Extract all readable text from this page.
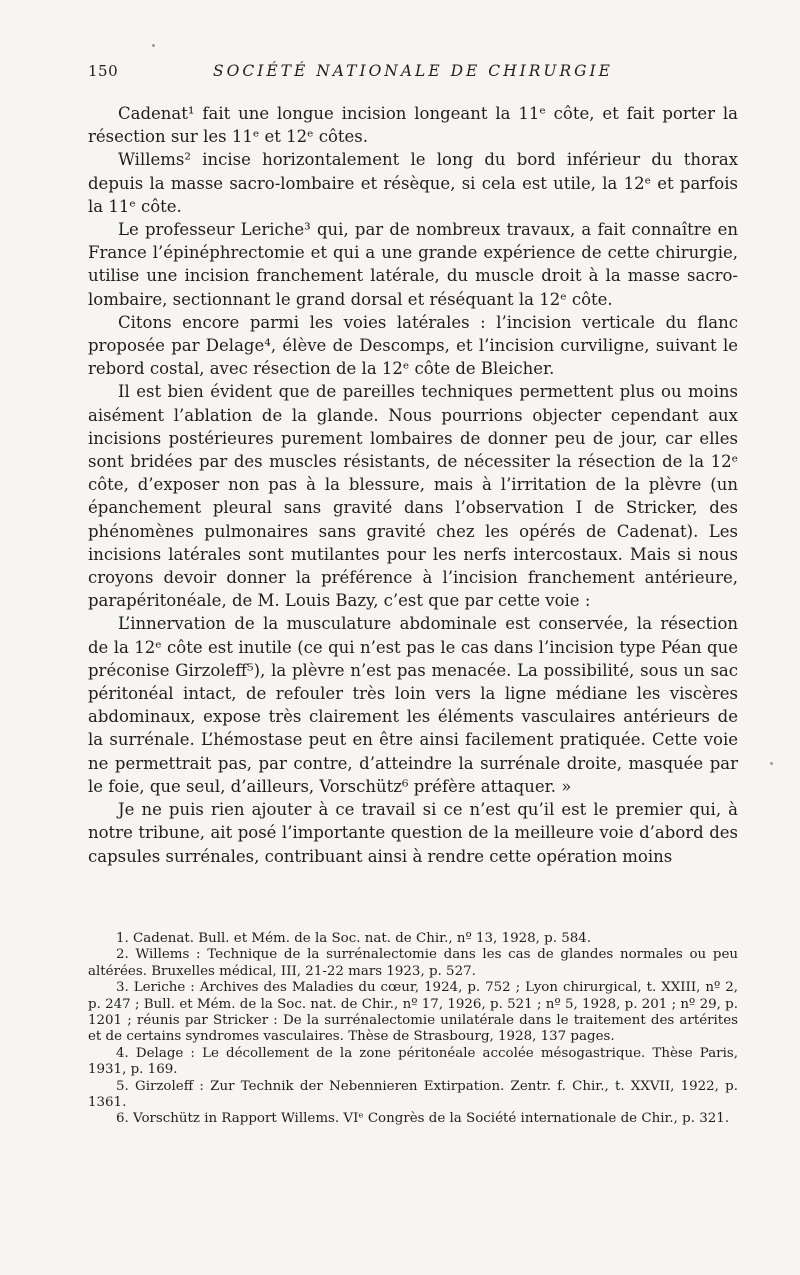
150	SOCIÉTÉ NATIONALE DE CHIRURGIE

Cadenat¹ fait une longue incision longeant la 11ᵉ côte, et fait porter la résection sur les 11ᵉ et 12ᵉ côtes.

Willems² incise horizontalement le long du bord inférieur du thorax depuis la masse sacro-lombaire et résèque, si cela est utile, la 12ᵉ et parfois la 11ᵉ côte.

Le professeur Leriche³ qui, par de nombreux travaux, a fait connaître en France l’épinéphrectomie et qui a une grande expérience de cette chirurgie, utilise une incision franchement latérale, du muscle droit à la masse sacro-lombaire, sectionnant le grand dorsal et réséquant la 12ᵉ côte.

Citons encore parmi les voies latérales : l’incision verticale du flanc proposée par Delage⁴, élève de Descomps, et l’incision curviligne, suivant le rebord costal, avec résection de la 12ᵉ côte de Bleicher.

Il est bien évident que de pareilles techniques permettent plus ou moins aisément l’ablation de la glande. Nous pourrions objecter cependant aux incisions postérieures purement lombaires de donner peu de jour, car elles sont bridées par des muscles résistants, de nécessiter la résection de la 12ᵉ côte, d’exposer non pas à la blessure, mais à l’irritation de la plèvre (un épanchement pleural sans gravité dans l’observation I de Stricker, des phénomènes pulmonaires sans gravité chez les opérés de Cadenat). Les incisions latérales sont mutilantes pour les nerfs intercostaux. Mais si nous croyons devoir donner la préférence à l’incision franchement antérieure, parapéritonéale, de M. Louis Bazy, c’est que par cette voie :

L’innervation de la musculature abdominale est conservée, la résection de la 12ᵉ côte est inutile (ce qui n’est pas le cas dans l’incision type Péan que préconise Girzoleff⁵), la plèvre n’est pas menacée. La possibilité, sous un sac péritonéal intact, de refouler très loin vers la ligne médiane les viscères abdominaux, expose très clairement les éléments vasculaires antérieurs de la surrénale. L’hémostase peut en être ainsi facilement pratiquée. Cette voie ne permettrait pas, par contre, d’atteindre la surrénale droite, masquée par le foie, que seul, d’ailleurs, Vorschütz⁶ préfère attaquer. »

Je ne puis rien ajouter à ce travail si ce n’est qu’il est le premier qui, à notre tribune, ait posé l’importante question de la meilleure voie d’abord des capsules surrénales, contribuant ainsi à rendre cette opération moins

1. Cadenat. Bull. et Mém. de la Soc. nat. de Chir., nº 13, 1928, p. 584.

2. Willems : Technique de la surrénalectomie dans les cas de glandes normales ou peu altérées. Bruxelles médical, III, 21-22 mars 1923, p. 527.

3. Leriche : Archives des Maladies du cœur, 1924, p. 752 ; Lyon chirurgical, t. XXIII, nº 2, p. 247 ; Bull. et Mém. de la Soc. nat. de Chir., nº 17, 1926, p. 521 ; nº 5, 1928, p. 201 ; nº 29, p. 1201 ; réunis par Stricker : De la surrénalectomie unilatérale dans le traitement des artérites et de certains syndromes vasculaires. Thèse de Strasbourg, 1928, 137 pages.

4. Delage : Le décollement de la zone péritonéale accolée mésogastrique. Thèse Paris, 1931, p. 169.

5. Girzoleff : Zur Technik der Nebennieren Extirpation. Zentr. f. Chir., t. XXVII, 1922, p. 1361.

6. Vorschütz in Rapport Willems. VIᵉ Congrès de la Société internationale de Chir., p. 321.
